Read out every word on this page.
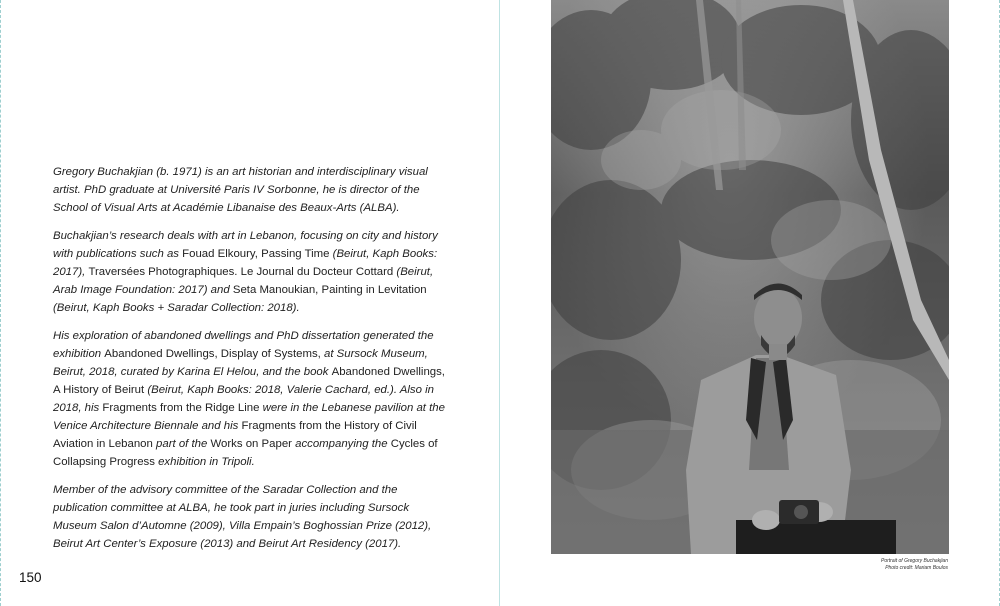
Gregory Buchakjian (b. 1971) is an art historian and interdisciplinary visual artist. PhD graduate at Université Paris IV Sorbonne, he is director of the School of Visual Arts at Académie Libanaise des Beaux-Arts (ALBA).

Buchakjian’s research deals with art in Lebanon, focusing on city and history with publications such as Fouad Elkoury, Passing Time (Beirut, Kaph Books: 2017), Traversées Photographiques. Le Journal du Docteur Cottard (Beirut, Arab Image Foundation: 2017) and Seta Manoukian, Painting in Levitation (Beirut, Kaph Books + Saradar Collection: 2018).

His exploration of abandoned dwellings and PhD dissertation generated the exhibition Abandoned Dwellings, Display of Systems, at Sursock Museum, Beirut, 2018, curated by Karina El Helou, and the book Abandoned Dwellings, A History of Beirut (Beirut, Kaph Books: 2018, Valerie Cachard, ed.). Also in 2018, his Fragments from the Ridge Line were in the Lebanese pavilion at the Venice Architecture Biennale and his Fragments from the History of Civil Aviation in Lebanon part of the Works on Paper accompanying the Cycles of Collapsing Progress exhibition in Tripoli.

Member of the advisory committee of the Saradar Collection and the publication committee at ALBA, he took part in juries including Sursock Museum Salon d’Automne (2009), Villa Empain’s Boghossian Prize (2012), Beirut Art Center’s Exposure (2013) and Beirut Art Residency (2017).

150
Portrait of Gregory Buchakjian
Photo credit: Mariam Boulos
